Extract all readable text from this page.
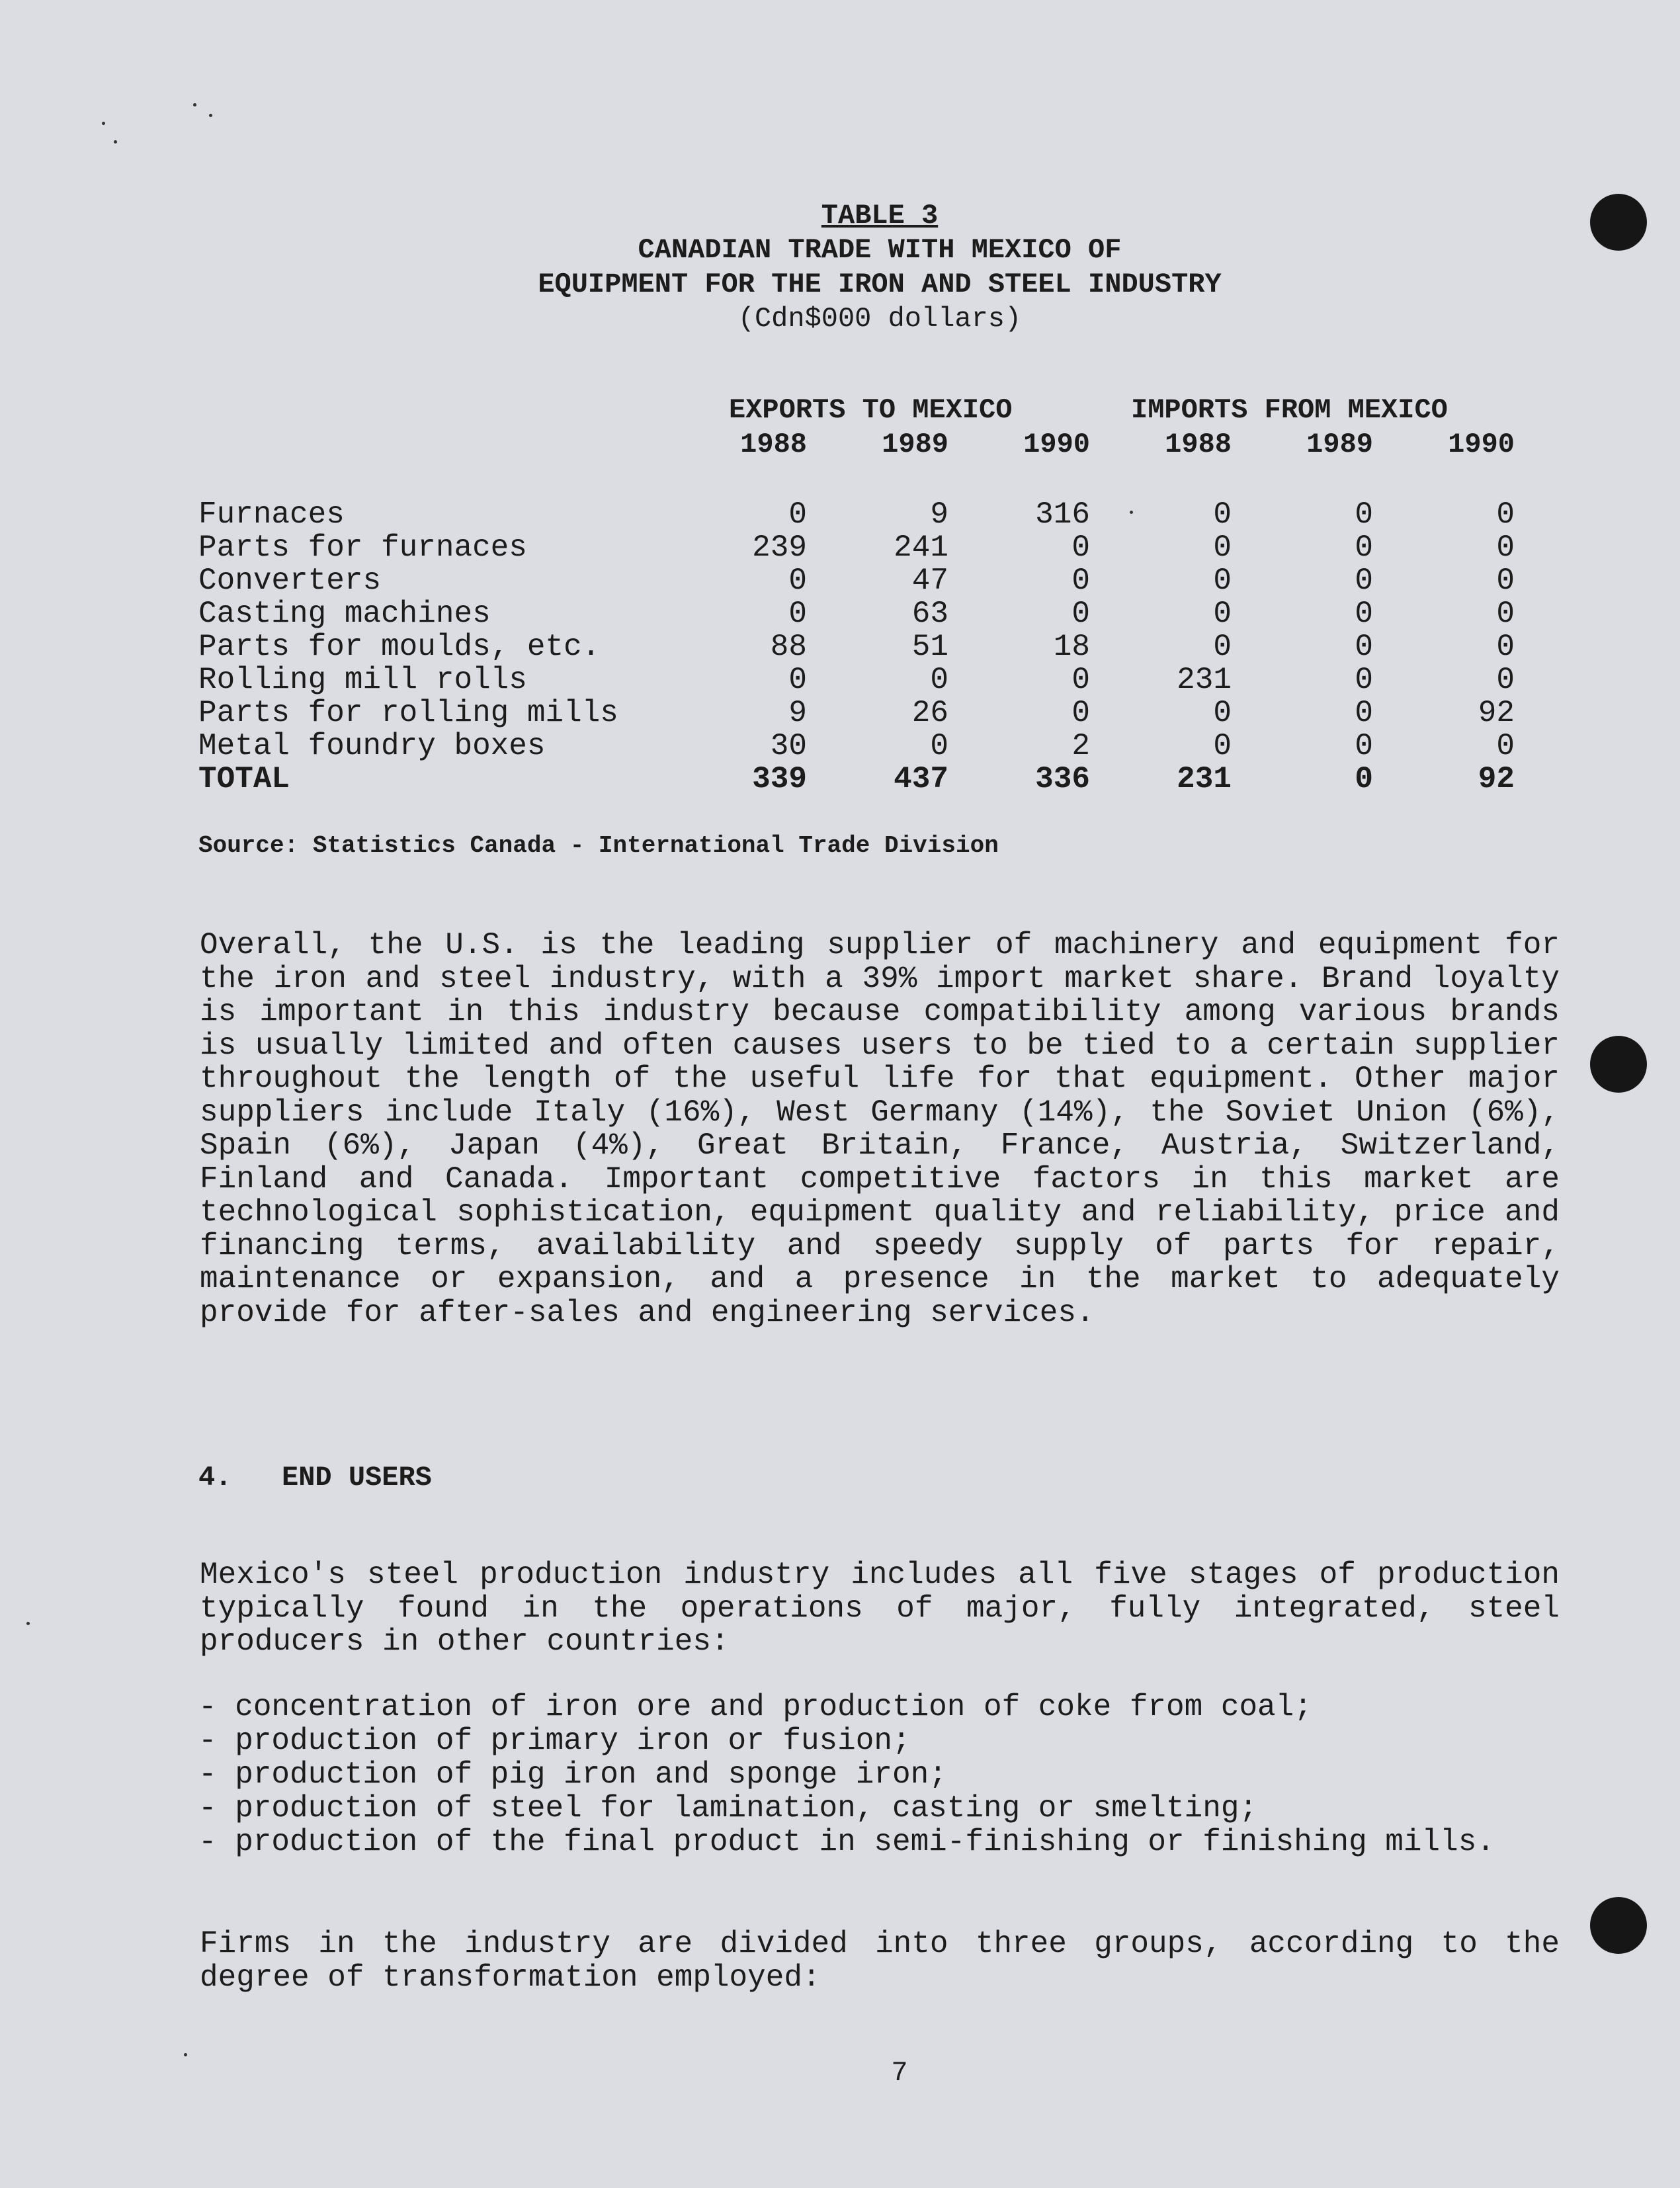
TABLE 3
CANADIAN TRADE WITH MEXICO OF
EQUIPMENT FOR THE IRON AND STEEL INDUSTRY
(Cdn$000 dollars)
EXPORTS TO MEXICO	IMPORTS FROM MEXICO
1988	1989	1990	1988	1989	1990
Furnaces	0	9	316	0	0	0
Parts for furnaces	239	241	0	0	0	0
Converters	0	47	0	0	0	0
Casting machines	0	63	0	0	0	0
Parts for moulds, etc.	88	51	18	0	0	0
Rolling mill rolls	0	0	0	231	0	0
Parts for rolling mills	9	26	0	0	0	92
Metal foundry boxes	30	0	2	0	0	0
TOTAL	339	437	336	231	0	92
Source: Statistics Canada - International Trade Division
Overall, the U.S. is the leading supplier of machinery and equipment for the iron and steel industry, with a 39% import market share. Brand loyalty is important in this industry because compatibility among various brands is usually limited and often causes users to be tied to a certain supplier throughout the length of the useful life for that equipment. Other major suppliers include Italy (16%), West Germany (14%), the Soviet Union (6%), Spain (6%), Japan (4%), Great Britain, France, Austria, Switzerland, Finland and Canada. Important competitive factors in this market are technological sophistication, equipment quality and reliability, price and financing terms, availability and speedy supply of parts for repair, maintenance or expansion, and a presence in the market to adequately provide for after-sales and engineering services.
4.   END USERS
Mexico's steel production industry includes all five stages of production typically found in the operations of major, fully integrated, steel producers in other countries:
- concentration of iron ore and production of coke from coal;
- production of primary iron or fusion;
- production of pig iron and sponge iron;
- production of steel for lamination, casting or smelting;
- production of the final product in semi-finishing or finishing mills.
Firms in the industry are divided into three groups, according to the degree of transformation employed:
7
